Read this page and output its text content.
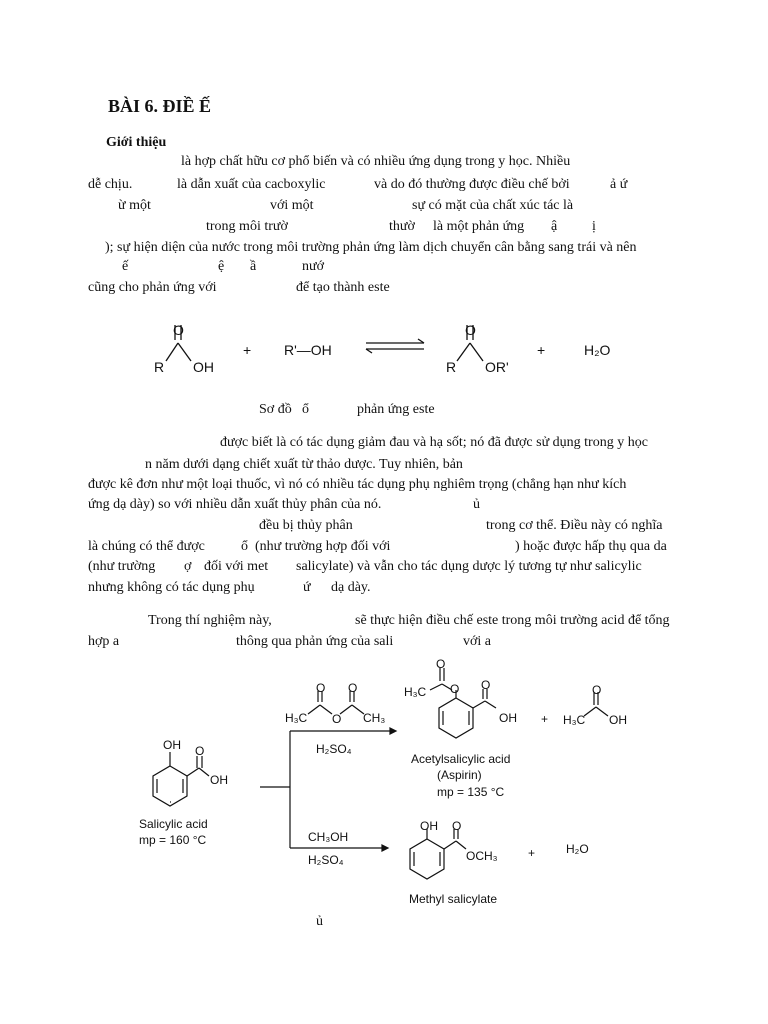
BÀI 6. ĐIỀ Ế
Giới thiệu
là hợp chất hữu cơ phổ biến và có nhiều ứng dụng trong y học. Nhiều
dễ chịu.	là dẫn xuất của cacboxylic	và do đó thường được điều chế bởi	ả ứ
ừ một	với một	sự có mặt của chất xúc tác là
trong môi trườ	thườ là một phản ứng ậ ị
); sự hiện diện của nước trong môi trường phản ứng làm dịch chuyển cân bằng sang trái và nên
ế	ệ ầ	nướ
cũng cho phản ứng với	để tạo thành este
O
R OH
+ R'—OH
O
R OR'
+	H₂O
Sơ đồ ổ	phản ứng este
được biết là có tác dụng giảm đau và hạ sốt; nó đã được sử dụng trong y học
n năm dưới dạng chiết xuất từ thảo dược. Tuy nhiên, bản
được kê đơn như một loại thuốc, vì nó có nhiều tác dụng phụ nghiêm trọng (chẳng hạn như kích
ứng dạ dày) so với nhiều dẫn xuất thủy phân của nó.	ủ
đều bị thủy phân	trong cơ thể. Điều này có nghĩa
là chúng có thể được	ổ (như trường hợp đối với	) hoặc được hấp thụ qua da
(như trường ợ đối với met salicylate) và vẫn cho tác dụng dược lý tương tự như salicylic
nhưng không có tác dụng phụ	ứ dạ dày.
Trong thí nghiệm này,	sẽ thực hiện điều chế este trong môi trường acid để tổng
hợp a	thông qua phản ứng của sali	với a
OH O
OH
Salicylic acid
mp = 160 °C
H₃C O CH₃
O O
H₂SO₄
O
H₃C O O
OH
Acetylsalicylic acid
(Aspirin)
mp = 135 °C
+ H₃C
O
OH
CH₃OH
H₂SO₄
OH O
OCH₃	+	H₂O
Methyl salicylate
ủ
